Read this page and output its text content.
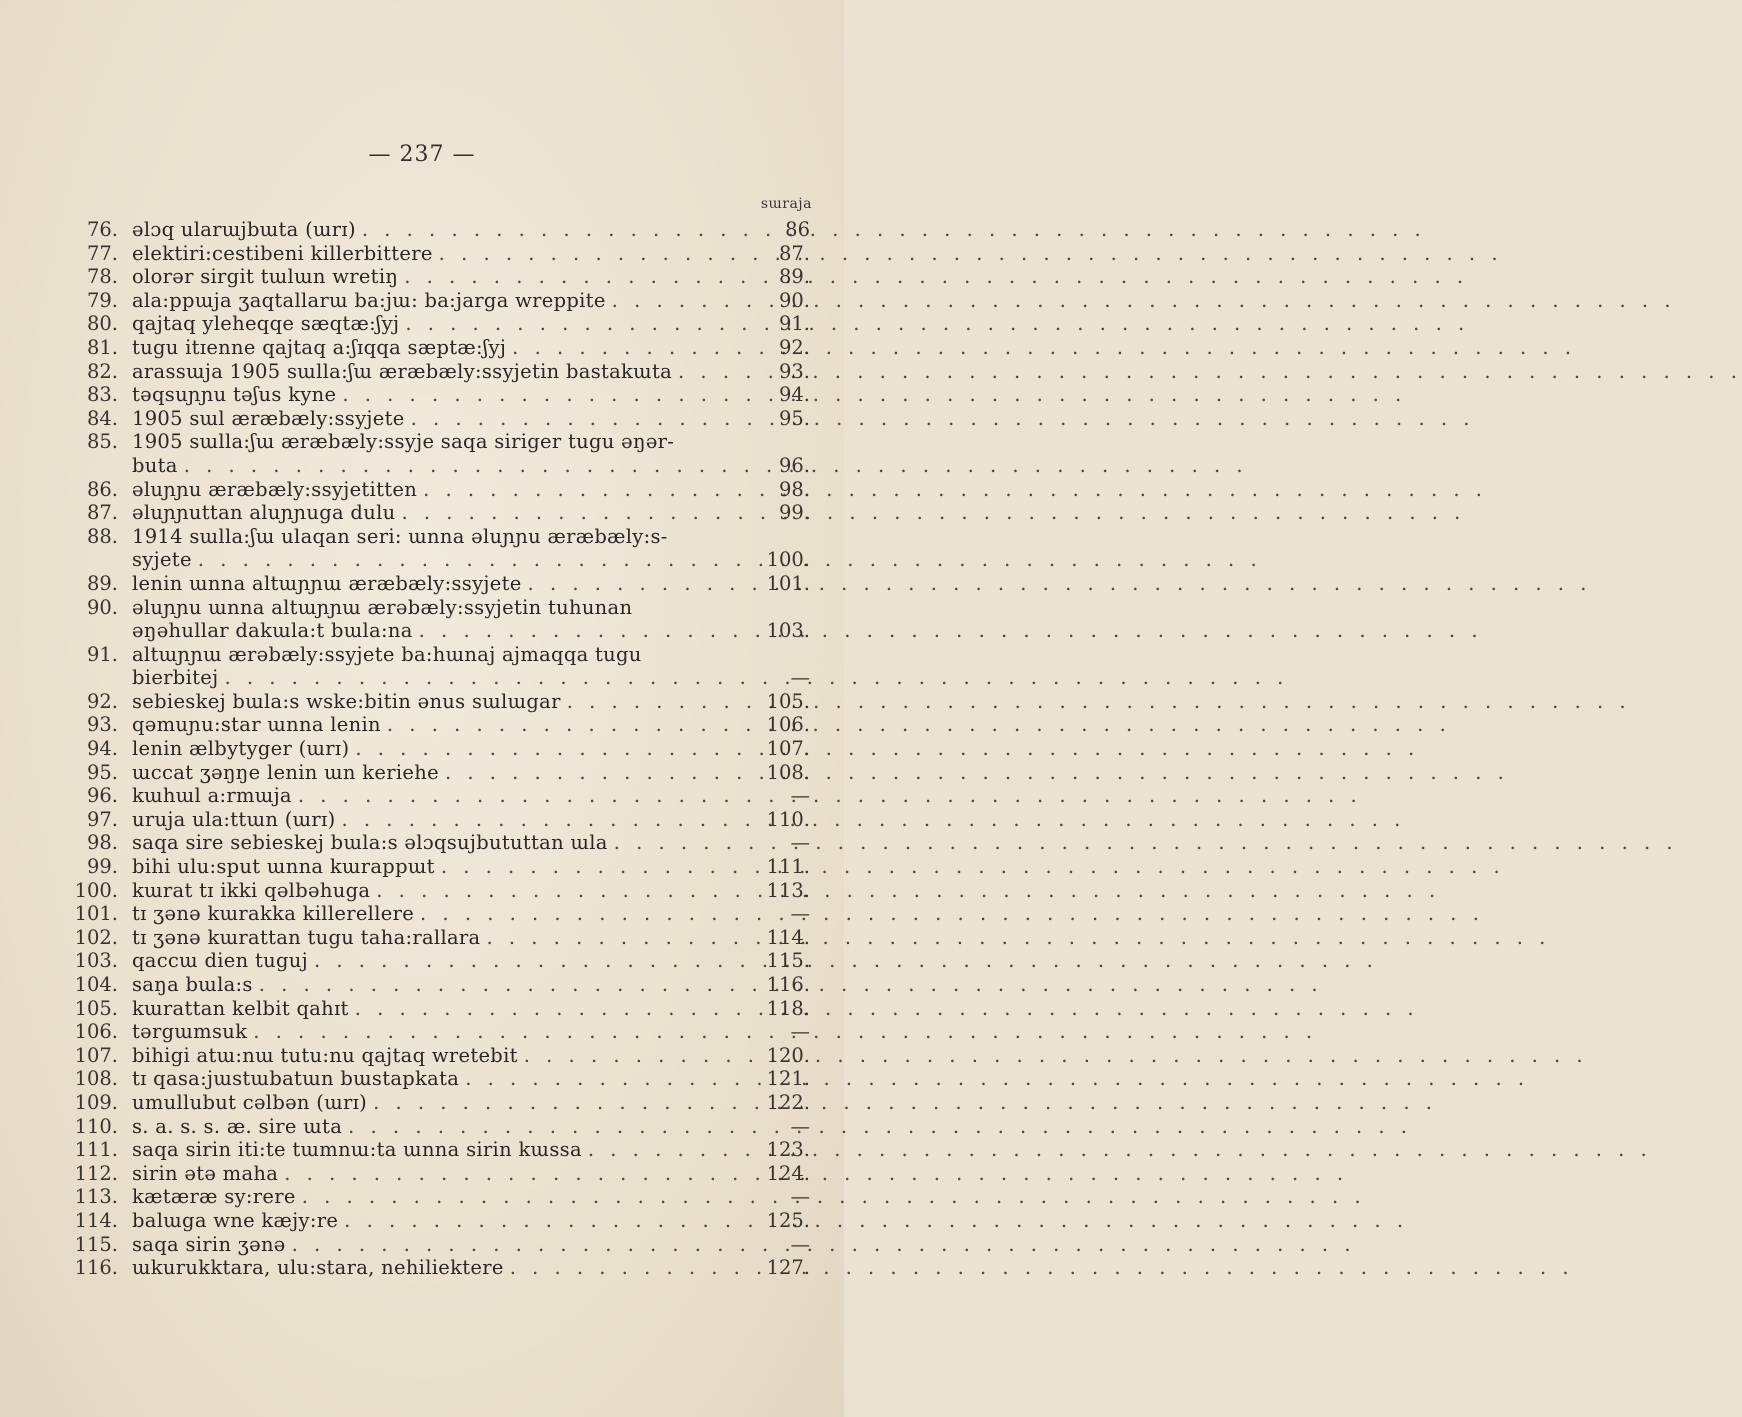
— 237 —
sɯraja
76. əlɔq ularɯjbɯta (ɯrɪ) . . .	86
77. elektiri:cestibeni killerbittere . . .	87.
78. olorər sirgit tɯlɯn wretiŋ . . .	89.
79. ala:ppɯja ʒaqtallarɯ ba:jɯ: ba:jarga wreppite . . .	90.
80. qajtaq yleheqqe sæqtæ:ʃyj . . .	91.
81. tugu itɪenne qajtaq a:ʃɪqqa sæptæ:ʃyj . . .	92.
82. arassɯja 1905 sɯlla:ʃɯ æræbæly:ssyjetin bastakɯta . . .	93.
83. təqsuɲɲu təʃus kyne . . .	94.
84. 1905 sɯl æræbæly:ssyjete . . .	95.
85. 1905 sɯlla:ʃɯ æræbæly:ssyje saqa siriger tugu əŋər-
buta . . .	96.
86. əluɲɲu æræbæly:ssyjetitten . . .	98.
87. əluɲɲuttan aluɲɲuga dulu . . .	99.
88. 1914 sɯlla:ʃɯ ulaqan seri: ɯnna əluɲɲu æræbæly:s-
syjete . . .	100.
89. lenin ɯnna altɯɲɲɯ æræbæly:ssyjete . . .	101.
90. əluɲɲu ɯnna altɯɲɲɯ ærəbæly:ssyjetin tuhunan
əŋəhullar dakɯla:t bɯla:na . . .	103.
91. altɯɲɲɯ ærəbæly:ssyjete ba:hɯnaj ajmaqqa tugu
bierbitej . . .	—
92. sebieskej bɯla:s wske:bitin ənus sɯlɯgar . . .	105.
93. qəmuɲu:star ɯnna lenin . . .	106.
94. lenin ælbytyger (ɯrɪ) . . .	107.
95. ɯccat ʒəŋŋe lenin ɯn keriehe . . .	108.
96. kɯhɯl a:rmɯja . . .	—
97. uruja ula:ttɯn (ɯrɪ) . . .	110.
98. saqa sire sebieskej bɯla:s əlɔqsujbututtan ɯla . . .	—
99. bihi ulu:sput ɯnna kɯrappɯt . . .	111.
100. kɯrat tɪ ikki qəlbəhuga . . .	113.
101. tɪ ʒənə kɯrakka killerellere . . .	—
102. tɪ ʒənə kɯrattan tugu taha:rallara . . .	114.
103. qaccɯ dien tuguj . . .	115.
104. saŋa bɯla:s . . .	116.
105. kɯrattan kelbit qahɪt . . .	118.
106. tərgɯmsuk . . .	—
107. bihigi atɯ:nɯ tutu:nu qajtaq wretebit . . .	120.
108. tɪ qasa:jɯstɯbatɯn bɯstapkata . . .	121.
109. umullubut cəlbən (ɯrɪ) . . .	122.
110. s. a. s. s. æ. sire ɯta . . .	—
111. saqa sirin iti:te tɯmnɯ:ta ɯnna sirin kɯssa . . .	123.
112. sirin ətə maha . . .	124.
113. kætæræ sy:rere . . .	—
114. balɯga wne kæjy:re . . .	125.
115. saqa sirin ʒənə . . .	—
116. ɯkurukktara, ulu:stara, nehiliektere . . .	127.
